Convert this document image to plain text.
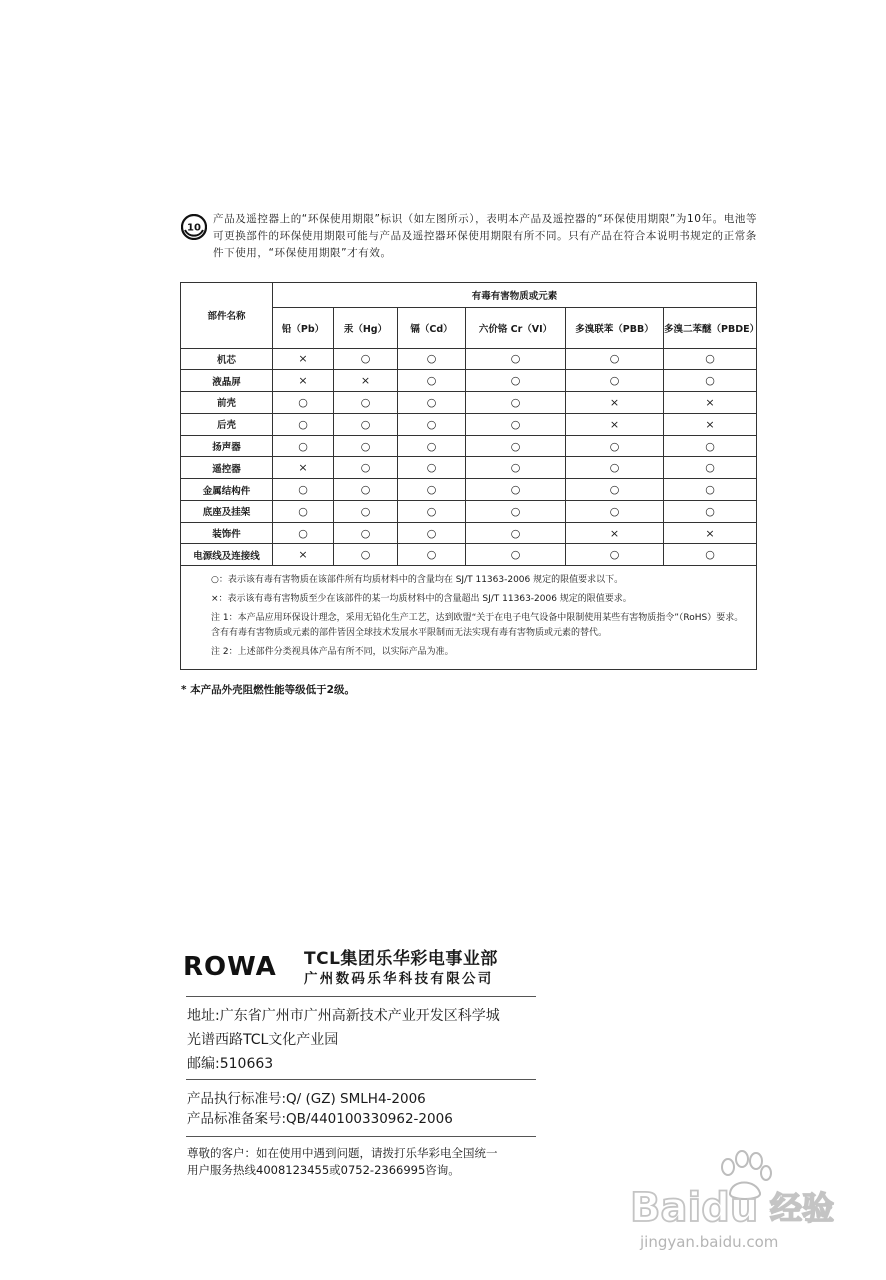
10
产品及遥控器上的“环保使用期限”标识（如左图所示），表明本产品及遥控器的“环保使用期限”为10年。电池等可更换部件的环保使用期限可能与产品及遥控器环保使用期限有所不同。只有产品在符合本说明书规定的正常条件下使用，“环保使用期限”才有效。
部件名称	有毒有害物质或元素					
	铅（Pb）	汞（Hg）	镉（Cd）	六价铬 Cr（VI）	多溴联苯（PBB）	多溴二苯醚（PBDE）
机芯	×	○	○	○	○	○
液晶屏	×	×	○	○	○	○
前壳	○	○	○	○	×	×
后壳	○	○	○	○	×	×
扬声器	○	○	○	○	○	○
遥控器	×	○	○	○	○	○
金属结构件	○	○	○	○	○	○
底座及挂架	○	○	○	○	○	○
装饰件	○	○	○	○	×	×
电源线及连接线	×	○	○	○	○	○

○：表示该有毒有害物质在该部件所有均质材料中的含量均在 SJ/T 11363-2006 规定的限值要求以下。

×：表示该有毒有害物质至少在该部件的某一均质材料中的含量超出 SJ/T 11363-2006 规定的限值要求。

注 1：本产品应用环保设计理念，采用无铅化生产工艺，达到欧盟“关于在电子电气设备中限制使用某些有害物质指令”（RoHS）要求。含有有毒有害物质或元素的部件皆因全球技术发展水平限制而无法实现有毒有害物质或元素的替代。

注 2：上述部件分类视具体产品有所不同，以实际产品为准。						

* 本产品外壳阻燃性能等级低于2级。
ROWA TCL集团乐华彩电事业部
广州数码乐华科技有限公司
地址:广东省广州市广州高新技术产业开发区科学城
光谱西路TCL文化产业园
邮编:510663
产品执行标准号:Q/ (GZ) SMLH4-2006
产品标准备案号:QB/440100330962-2006
尊敬的客户：如在使用中遇到问题，请拨打乐华彩电全国统一
用户服务热线4008123455或0752-2366995咨询。
Baidu 经验
jingyan.baidu.com
